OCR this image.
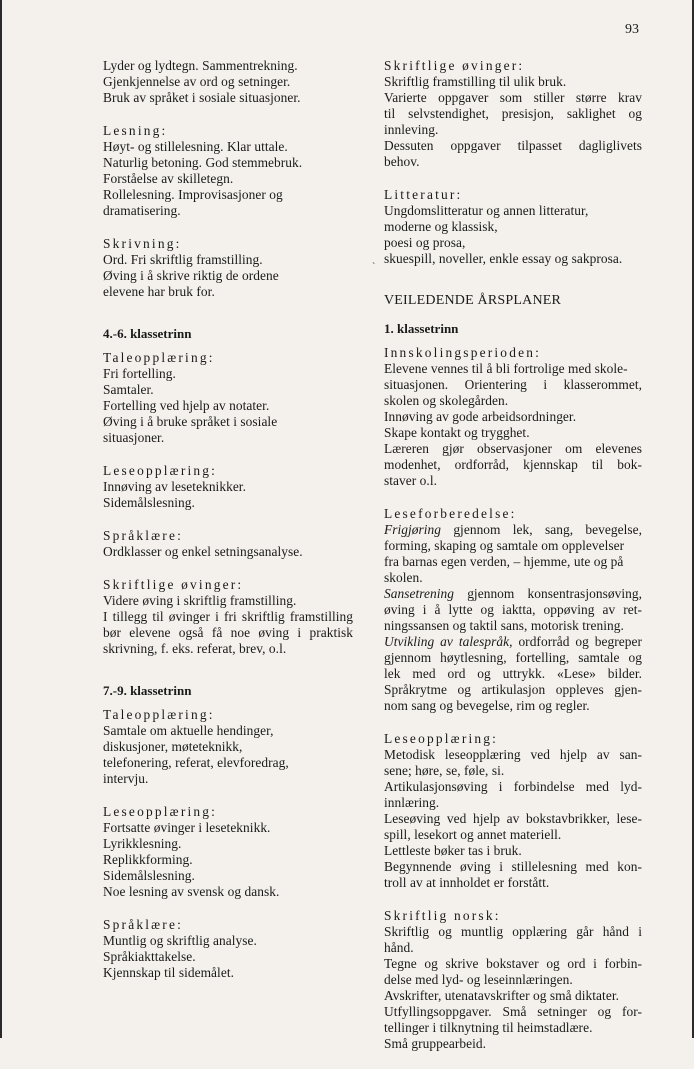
93
˴
Lyder og lydtegn. Sammentrekning.
Gjenkjennelse av ord og setninger.
Bruk av språket i sosiale situasjoner.
Lesning:
Høyt- og stillelesning. Klar uttale.
Naturlig betoning. God stemmebruk.
Forståelse av skilletegn.
Rollelesning. Improvisasjoner og
dramatisering.
Skrivning:
Ord. Fri skriftlig framstilling.
Øving i å skrive riktig de ordene
elevene har bruk for.
4.-6. klassetrinn
Taleopplæring:
Fri fortelling.
Samtaler.
Fortelling ved hjelp av notater.
Øving i å bruke språket i sosiale
situasjoner.
Leseopplæring:
Innøving av leseteknikker.
Sidemålslesning.
Språklære:
Ordklasser og enkel setningsanalyse.
Skriftlige øvinger:
Videre øving i skriftlig framstilling.
I tillegg til øvinger i fri skriftlig framstilling
bør elevene også få noe øving i praktisk
skrivning, f. eks. referat, brev, o.l.
7.-9. klassetrinn
Taleopplæring:
Samtale om aktuelle hendinger,
diskusjoner, møteteknikk,
telefonering, referat, elevforedrag,
intervju.
Leseopplæring:
Fortsatte øvinger i leseteknikk.
Lyrikklesning.
Replikkforming.
Sidemålslesning.
Noe lesning av svensk og dansk.
Språklære:
Muntlig og skriftlig analyse.
Språkiakttakelse.
Kjennskap til sidemålet.
Skriftlige øvinger:
Skriftlig framstilling til ulik bruk.
Varierte oppgaver som stiller større krav
til selvstendighet, presisjon, saklighet og
innleving.
Dessuten oppgaver tilpasset dagliglivets
behov.
Litteratur:
Ungdomslitteratur og annen litteratur,
moderne og klassisk,
poesi og prosa,
skuespill, noveller, enkle essay og sakprosa.
VEILEDENDE ÅRSPLANER
1. klassetrinn
Innskolingsperioden:
Elevene vennes til å bli fortrolige med skole-
situasjonen. Orientering i klasserommet,
skolen og skolegården.
Innøving av gode arbeidsordninger.
Skape kontakt og trygghet.
Læreren gjør observasjoner om elevenes
modenhet, ordforråd, kjennskap til bok-
staver o.l.
Leseforberedelse:
Frigjøring gjennom lek, sang, bevegelse,
forming, skaping og samtale om opplevelser
fra barnas egen verden, – hjemme, ute og på
skolen.
Sansetrening gjennom konsentrasjonsøving,
øving i å lytte og iaktta, oppøving av ret-
ningssansen og taktil sans, motorisk trening.
Utvikling av talespråk, ordforråd og begreper
gjennom høytlesning, fortelling, samtale og
lek med ord og uttrykk. «Lese» bilder.
Språkrytme og artikulasjon oppleves gjen-
nom sang og bevegelse, rim og regler.
Leseopplæring:
Metodisk leseopplæring ved hjelp av san-
sene; høre, se, føle, si.
Artikulasjonsøving i forbindelse med lyd-
innlæring.
Leseøving ved hjelp av bokstavbrikker, lese-
spill, lesekort og annet materiell.
Lettleste bøker tas i bruk.
Begynnende øving i stillelesning med kon-
troll av at innholdet er forstått.
Skriftlig norsk:
Skriftlig og muntlig opplæring går hånd i
hånd.
Tegne og skrive bokstaver og ord i forbin-
delse med lyd- og leseinnlæringen.
Avskrifter, utenatavskrifter og små diktater.
Utfyllingsoppgaver. Små setninger og for-
tellinger i tilknytning til heimstadlære.
Små gruppearbeid.
